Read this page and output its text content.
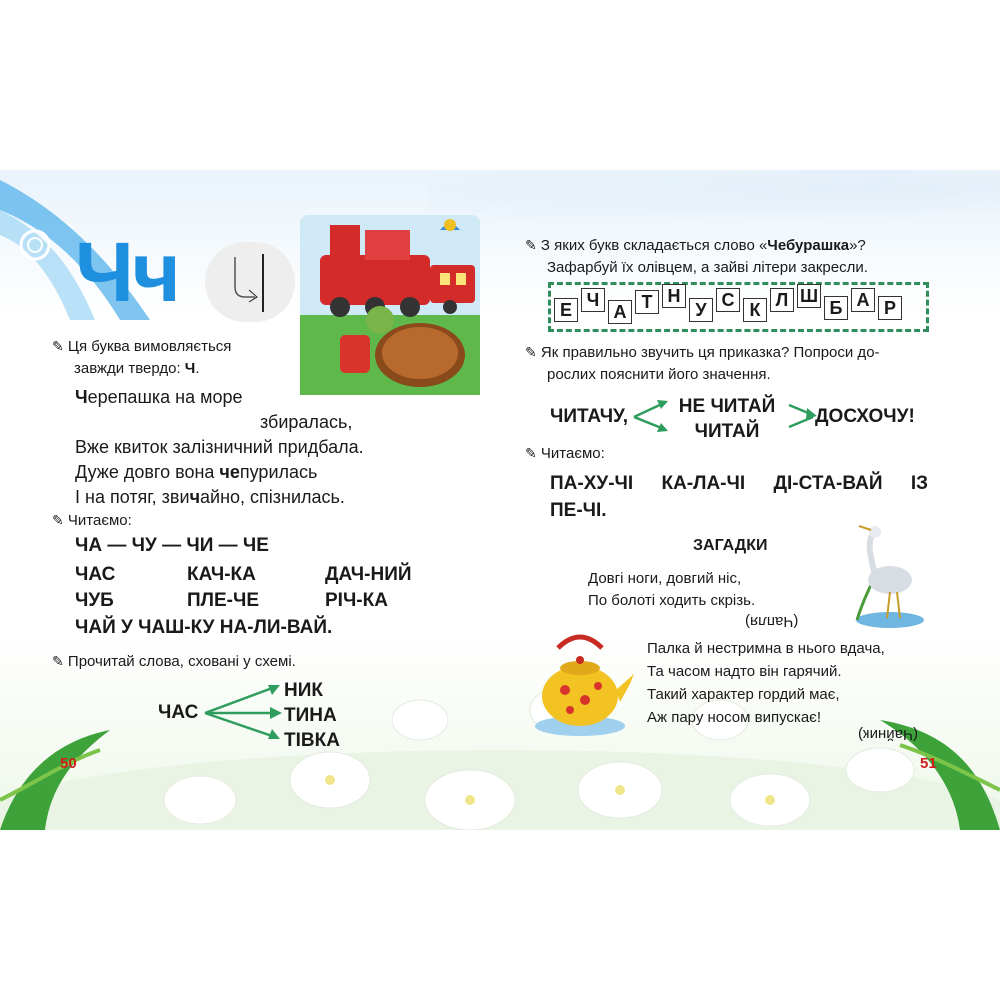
Чч
✎ Ця буква вимовляється
завжди твердо: Ч.
Черепашка на море
збиралась,
Вже квиток залізничний придбала.
Дуже довго вона чепурилась
І на потяг, звичайно, спізнилась.
✎ Читаємо:
ЧА — ЧУ — ЧИ — ЧЕ
ЧАС	КАЧ-КА	ДАЧ-НИЙ
ЧУБ	ПЛЕ-ЧЕ	РІЧ-КА
ЧАЙ У ЧАШ-КУ НА-ЛИ-ВАЙ.
✎ Прочитай слова, сховані у схемі.
ЧАС
НИК
ТИНА
ТІВКА
50
✎ З яких букв складається слово «Чебурашка»?
Зафарбуй їх олівцем, а зайві літери закресли.
Е Ч
А Т Н
У С К Л Ш
Б А Р
✎ Як правильно звучить ця приказка? Попроси до-
рослих пояснити його значення.
ЧИТАЧУ,	НЕ ЧИТАЙ
ЧИТАЙ
ДОСХОЧУ!
✎ Читаємо:
ПА-ХУ-ЧІ КА-ЛА-ЧІ ДІ-СТА-ВАЙ ІЗ
ПЕ-ЧІ.
ЗАГАДКИ
Довгі ноги, довгий ніс,
По болоті ходить скрізь.
(Чапля)
Палка й нестримна в нього вдача,
Та часом надто він гарячий.
Такий характер гордий має,
Аж пару носом випускає!
(Чайник)
51
